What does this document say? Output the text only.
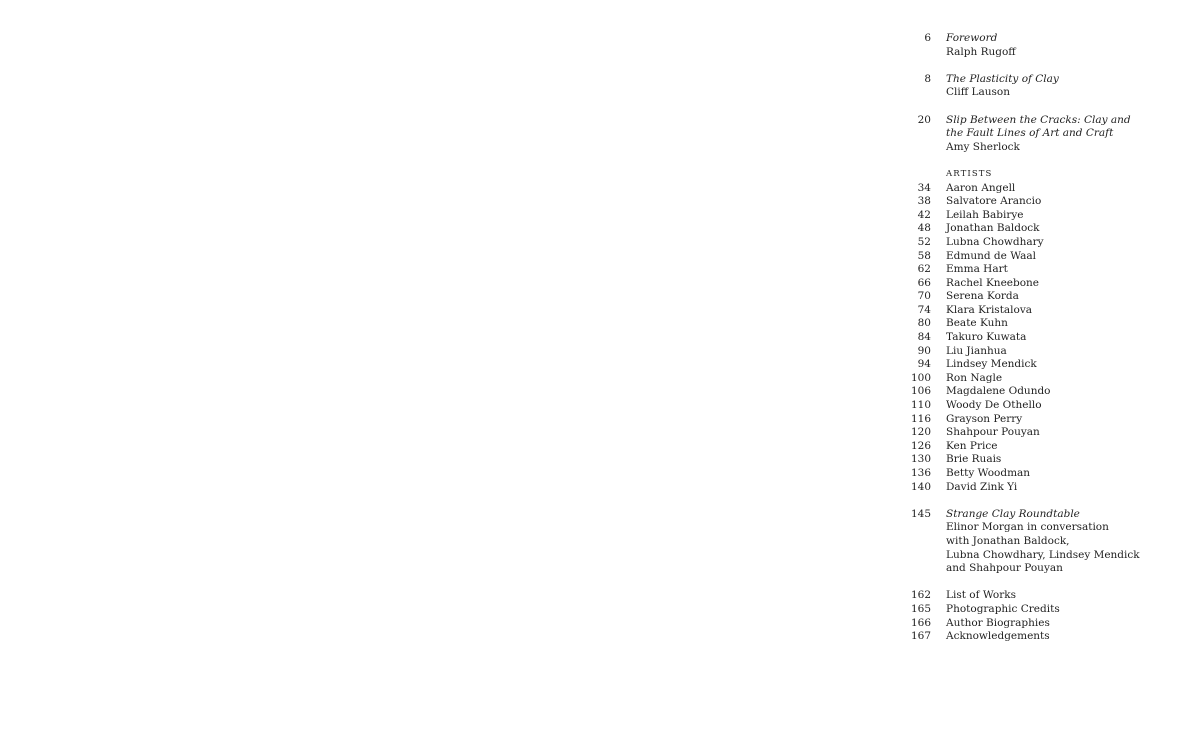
6 Foreword
Ralph Rugoff
8 The Plasticity of Clay
Cliff Lauson
20 Slip Between the Cracks: Clay and
the Fault Lines of Art and Craft
Amy Sherlock
ARTISTS
34 Aaron Angell
38 Salvatore Arancio
42 Leilah Babirye
48 Jonathan Baldock
52 Lubna Chowdhary
58 Edmund de Waal
62 Emma Hart
66 Rachel Kneebone
70 Serena Korda
74 Klara Kristalova
80 Beate Kuhn
84 Takuro Kuwata
90 Liu Jianhua
94 Lindsey Mendick
100 Ron Nagle
106 Magdalene Odundo
110 Woody De Othello
116 Grayson Perry
120 Shahpour Pouyan
126 Ken Price
130 Brie Ruais
136 Betty Woodman
140 David Zink Yi
145 Strange Clay Roundtable
Elinor Morgan in conversation
with Jonathan Baldock,
Lubna Chowdhary, Lindsey Mendick
and Shahpour Pouyan
162 List of Works
165 Photographic Credits
166 Author Biographies
167 Acknowledgements
